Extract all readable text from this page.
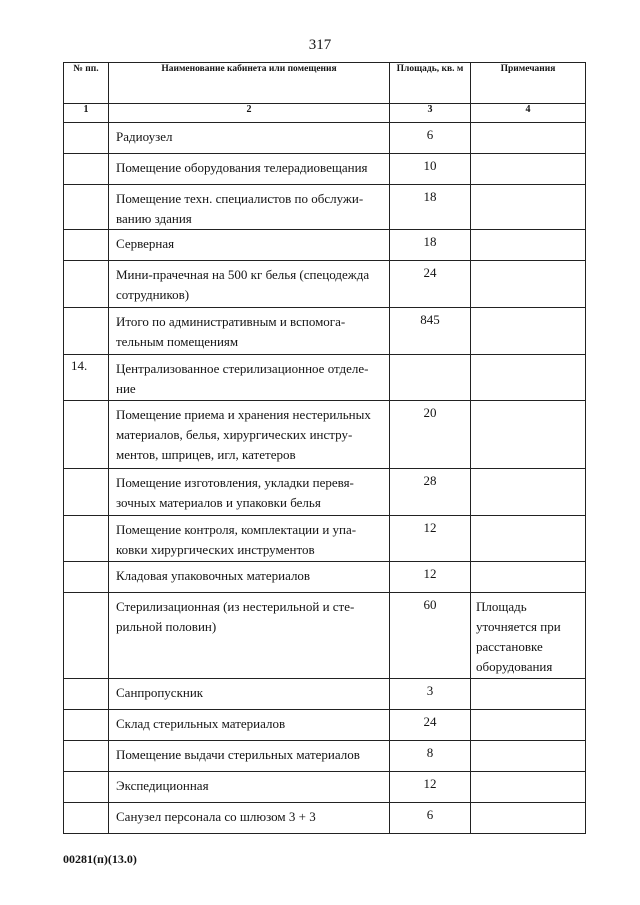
317
№ пп.	Наименование кабинета или помещения	Площадь, кв. м	Примечания
1	2	3	4
	Радиоузел	6	
	Помещение оборудования телерадиовещания	10	
	Помещение техн. специалистов по обслужи-ванию здания	18	
	Серверная	18	
	Мини-прачечная на 500 кг белья (спецодежда сотрудников)	24	
	Итого по административным и вспомога-тельным помещениям	845	
14.	Централизованное стерилизационное отделе-ние		
	Помещение приема и хранения нестерильных материалов, белья, хирургических инстру-ментов, шприцев, игл, катетеров	20	
	Помещение изготовления, укладки перевя-зочных материалов и упаковки белья	28	
	Помещение контроля, комплектации и упа-ковки хирургических инструментов	12	
	Кладовая упаковочных материалов	12	
	Стерилизационная (из нестерильной и сте-рильной половин)	60	Площадь уточняется при расстановке оборудования
	Санпропускник	3	
	Склад стерильных материалов	24	
	Помещение выдачи стерильных материалов	8	
	Экспедиционная	12	
	Санузел персонала со шлюзом 3 + 3	6	
00281(п)(13.0)
